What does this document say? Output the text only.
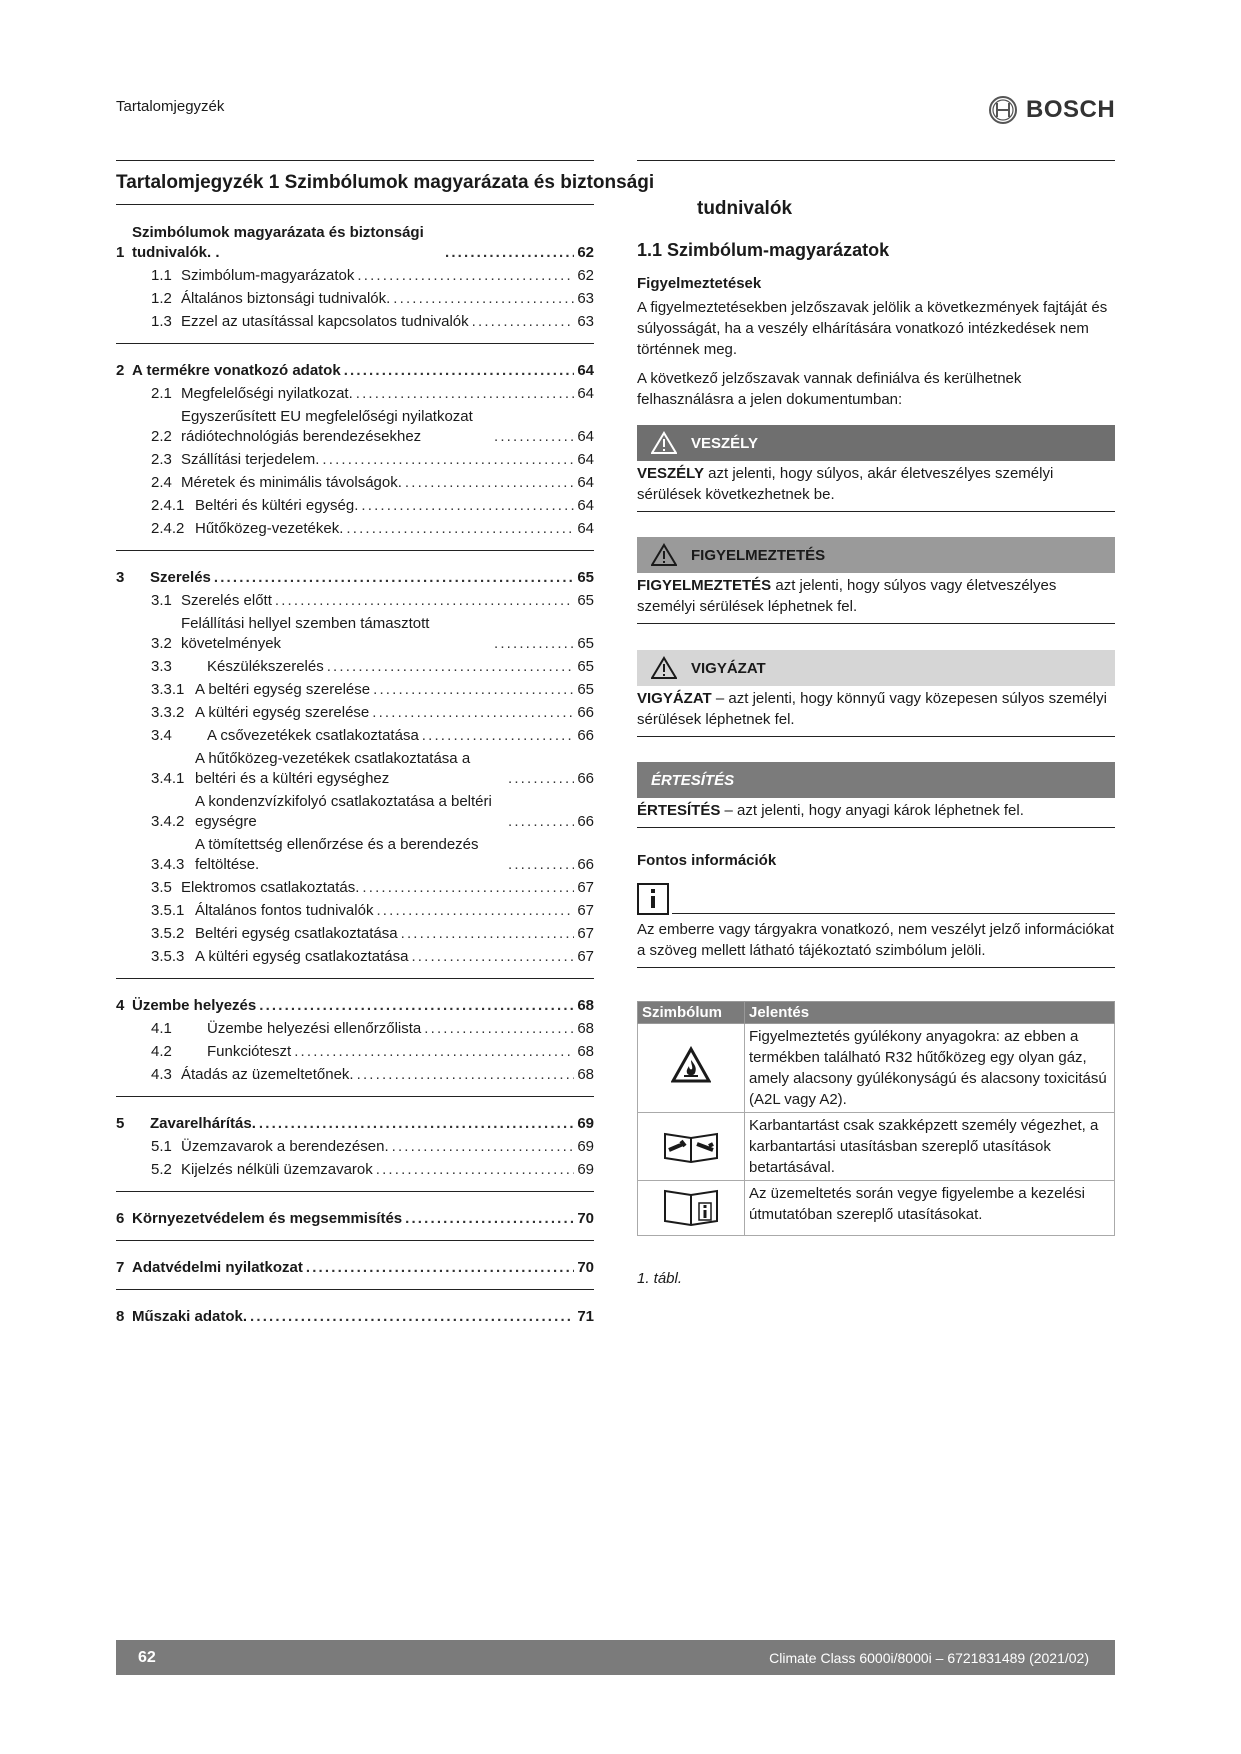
Tartalomjegyzék	BOSCH
Tartalomjegyzék 1 Szimbólumok magyarázata és biztonsági
1
Szimbólumok magyarázata és biztonsági tudnivalók. . . . .	62
1.1 Szimbólum-magyarázatok . . .	62
1.2 Általános biztonsági tudnivalók. . . .	63
1.3 Ezzel az utasítással kapcsolatos tudnivalók . . .	63
2 A termékre vonatkozó adatok . . .	64
2.1 Megfelelőségi nyilatkozat. . . .	64
2.2
Egyszerűsített EU megfelelőségi nyilatkozat rádiótechnológiás berendezésekhez . . .	64
2.3 Szállítási terjedelem. . . .	64
2.4 Méretek és minimális távolságok. . . .	64
2.4.1 Beltéri és kültéri egység. . . .	64
2.4.2 Hűtőközeg-vezetékek. . . .	64
3	Szerelés . . .	65
3.1 Szerelés előtt . . .	65
3.2
Felállítási hellyel szemben támasztott követelmények . . .	65
3.3	Készülékszerelés . . .	65
3.3.1 A beltéri egység szerelése . . .	65
3.3.2 A kültéri egység szerelése . . .	66
3.4	A csővezetékek csatlakoztatása . . .	66
3.4.1
A hűtőközeg-vezetékek csatlakoztatása a beltéri és a kültéri egységhez . . .	66
3.4.2
A kondenzvízkifolyó csatlakoztatása a beltéri egységre . . .	66
3.4.3
A tömítettség ellenőrzése és a berendezés feltöltése. . . .	66
3.5 Elektromos csatlakoztatás. . . .	67
3.5.1 Általános fontos tudnivalók . . .	67
3.5.2 Beltéri egység csatlakoztatása . . .	67
3.5.3 A kültéri egység csatlakoztatása . . .	67
4 Üzembe helyezés . . .	68
4.1	Üzembe helyezési ellenőrzőlista . . .	68
4.2	Funkcióteszt . . .	68
4.3 Átadás az üzemeltetőnek. . . .	68
5	Zavarelhárítás. . . .	69
5.1 Üzemzavarok a berendezésen. . . .	69
5.2 Kijelzés nélküli üzemzavarok . . .	69
6 Környezetvédelem és megsemmisítés . . .	70
7 Adatvédelmi nyilatkozat . . .	70
8 Műszaki adatok. . . .	71
tudnivalók
1.1 Szimbólum-magyarázatok
Figyelmeztetések
A figyelmeztetésekben jelzőszavak jelölik a következmények fajtáját és súlyosságát, ha a veszély elhárítására vonatkozó intézkedések nem történnek meg.
A következő jelzőszavak vannak definiálva és kerülhetnek felhasználásra a jelen dokumentumban:
VESZÉLY
VESZÉLY azt jelenti, hogy súlyos, akár életveszélyes személyi sérülések következhetnek be.
FIGYELMEZTETÉS
FIGYELMEZTETÉS azt jelenti, hogy súlyos vagy életveszélyes személyi sérülések léphetnek fel.
VIGYÁZAT
VIGYÁZAT – azt jelenti, hogy könnyű vagy közepesen súlyos személyi sérülések léphetnek fel.
ÉRTESÍTÉS
ÉRTESÍTÉS – azt jelenti, hogy anyagi károk léphetnek fel.
Fontos információk
Az emberre vagy tárgyakra vonatkozó, nem veszélyt jelző információkat a szöveg mellett látható tájékoztató szimbólum jelöli.
Szimbólum	Jelentés
	Figyelmeztetés gyúlékony anyagokra: az ebben a termékben található R32 hűtőközeg egy olyan gáz, amely alacsony gyúlékonyságú és alacsony toxicitású (A2L vagy A2).
	Karbantartást csak szakképzett személy végezhet, a karbantartási utasításban szereplő utasítások betartásával.
	Az üzemeltetés során vegye figyelembe a kezelési útmutatóban szereplő utasításokat.
1. tábl.
62	Climate Class 6000i/8000i – 6721831489 (2021/02)
